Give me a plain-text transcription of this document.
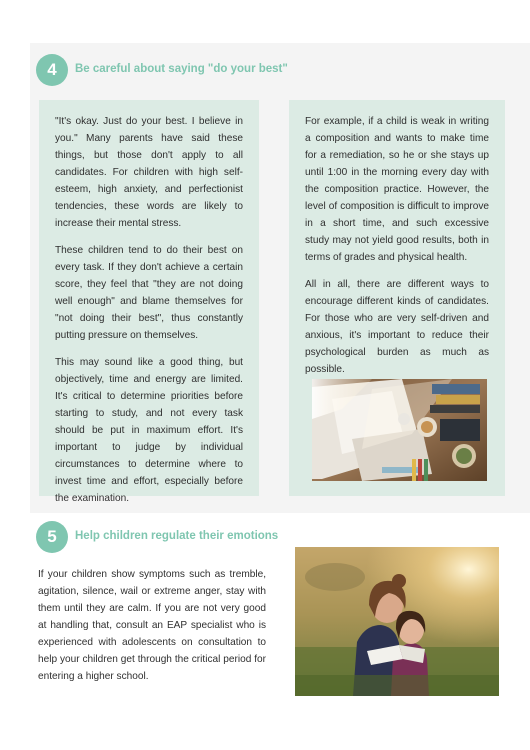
4	Be careful about saying "do your best"

"It's okay. Just do your best. I believe in you." Many parents have said these things, but those don't apply to all candidates. For children with high self-esteem, high anxiety, and perfectionist tendencies, these words are likely to increase their mental stress.

These children tend to do their best on every task. If they don't achieve a certain score, they feel that "they are not doing well enough" and blame themselves for "not doing their best", thus constantly putting pressure on themselves.

This may sound like a good thing, but objectively, time and energy are limited. It's critical to determine priorities before starting to study, and not every task should be put in maximum effort. It's important to judge by individual circumstances to determine where to invest time and effort, especially before the examination.

For example, if a child is weak in writing a composition and wants to make time for a remediation, so he or she stays up until 1:00 in the morning every day with the composition practice. However, the level of composition is difficult to improve in a short time, and such excessive study may not yield good results, both in terms of grades and physical health.

All in all, there are different ways to encourage different kinds of candidates. For those who are very self-driven and anxious, it's important to reduce their psychological burden as much as possible.

5	Help children regulate their emotions

If your children show symptoms such as tremble, agitation, silence, wail or extreme anger, stay with them until they are calm. If you are not very good at handling that, consult an EAP specialist who is experienced with adolescents on consultation to help your children get through the critical period for entering a higher school.
